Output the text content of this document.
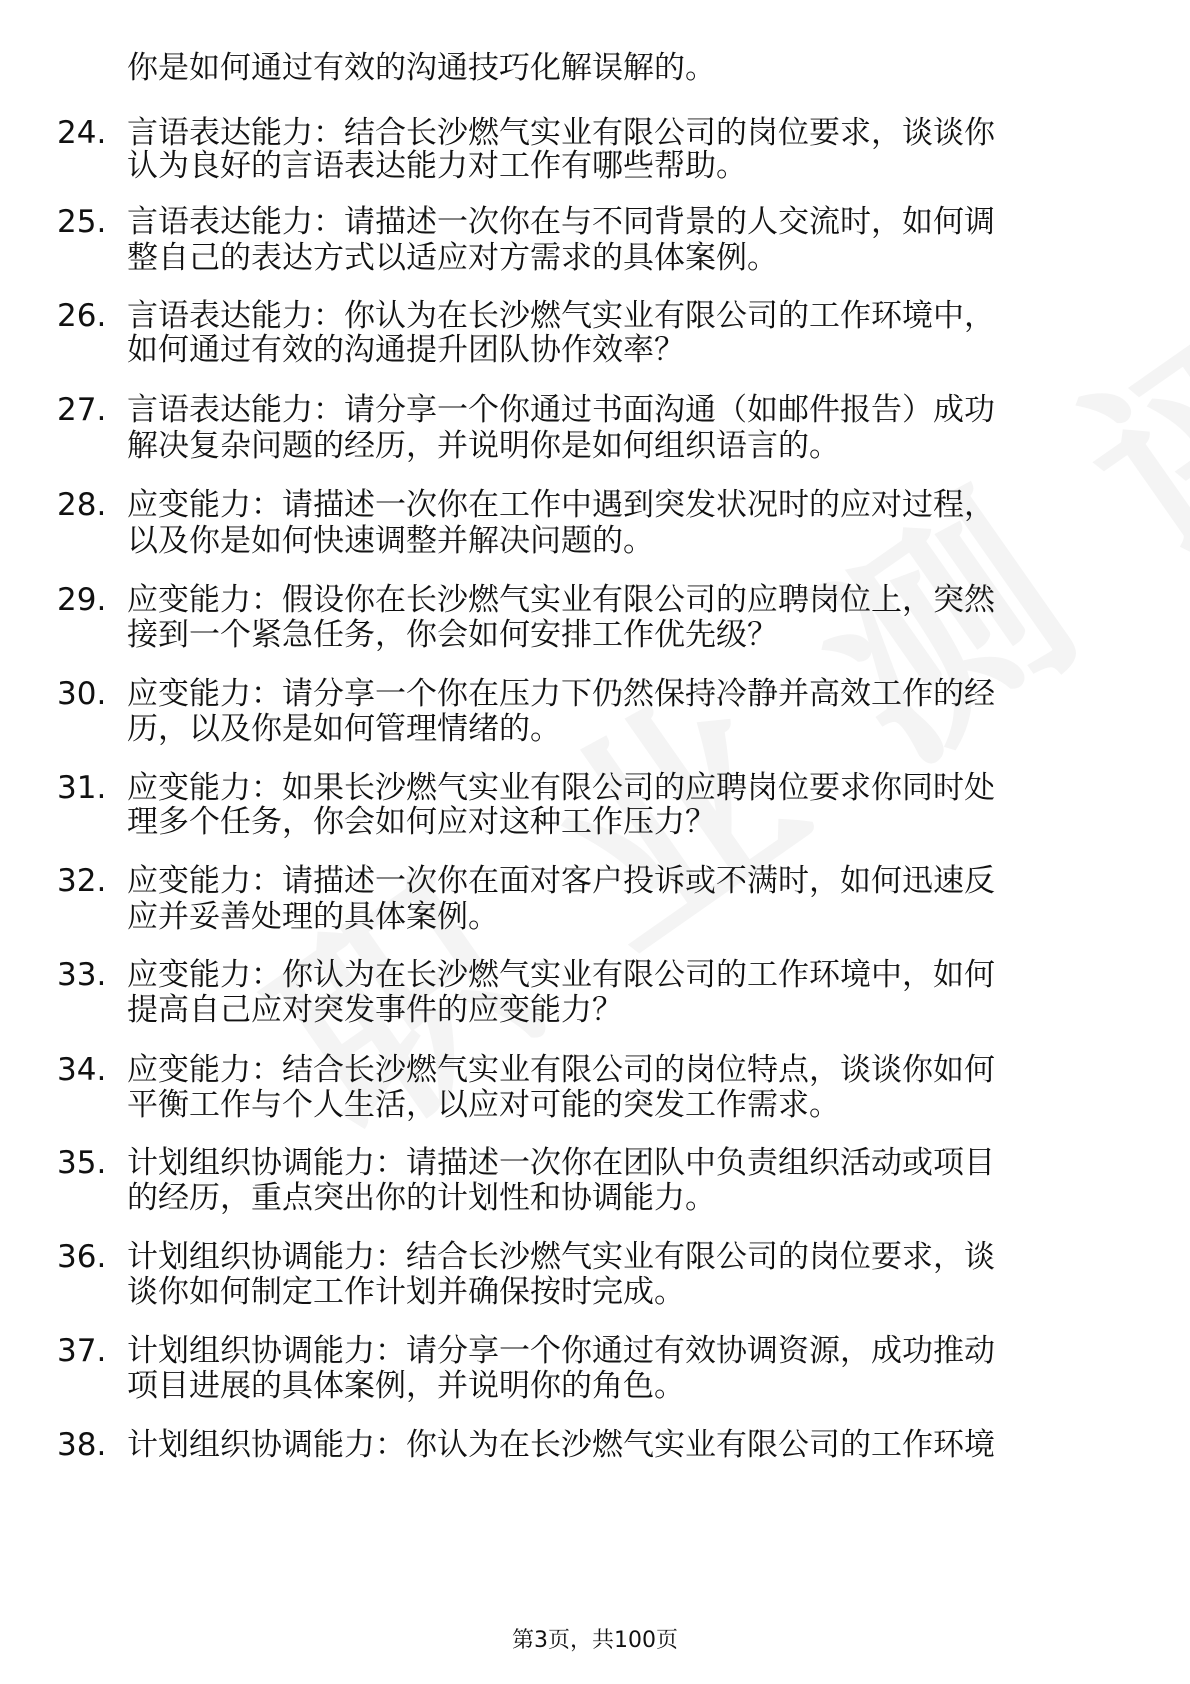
你是如何通过有效的沟通技巧化解误解的。
24. 言语表达能力：结合长沙燃气实业有限公司的岗位要求，谈谈你
认为良好的言语表达能力对工作有哪些帮助。
25. 言语表达能力：请描述一次你在与不同背景的人交流时，如何调
整自己的表达方式以适应对方需求的具体案例。
26. 言语表达能力：你认为在长沙燃气实业有限公司的工作环境中，
如何通过有效的沟通提升团队协作效率？
27. 言语表达能力：请分享一个你通过书面沟通（如邮件报告）成功
解决复杂问题的经历，并说明你是如何组织语言的。
28. 应变能力：请描述一次你在工作中遇到突发状况时的应对过程，
以及你是如何快速调整并解决问题的。
29. 应变能力：假设你在长沙燃气实业有限公司的应聘岗位上，突然
接到一个紧急任务，你会如何安排工作优先级？
30. 应变能力：请分享一个你在压力下仍然保持冷静并高效工作的经
历，以及你是如何管理情绪的。
31. 应变能力：如果长沙燃气实业有限公司的应聘岗位要求你同时处
理多个任务，你会如何应对这种工作压力？
32. 应变能力：请描述一次你在面对客户投诉或不满时，如何迅速反
应并妥善处理的具体案例。
33. 应变能力：你认为在长沙燃气实业有限公司的工作环境中，如何
提高自己应对突发事件的应变能力？
34. 应变能力：结合长沙燃气实业有限公司的岗位特点，谈谈你如何
平衡工作与个人生活，以应对可能的突发工作需求。
35. 计划组织协调能力：请描述一次你在团队中负责组织活动或项目
的经历，重点突出你的计划性和协调能力。
36. 计划组织协调能力：结合长沙燃气实业有限公司的岗位要求，谈
谈你如何制定工作计划并确保按时完成。
37. 计划组织协调能力：请分享一个你通过有效协调资源，成功推动
项目进展的具体案例，并说明你的角色。
38. 计划组织协调能力：你认为在长沙燃气实业有限公司的工作环境
第3页，共100页
